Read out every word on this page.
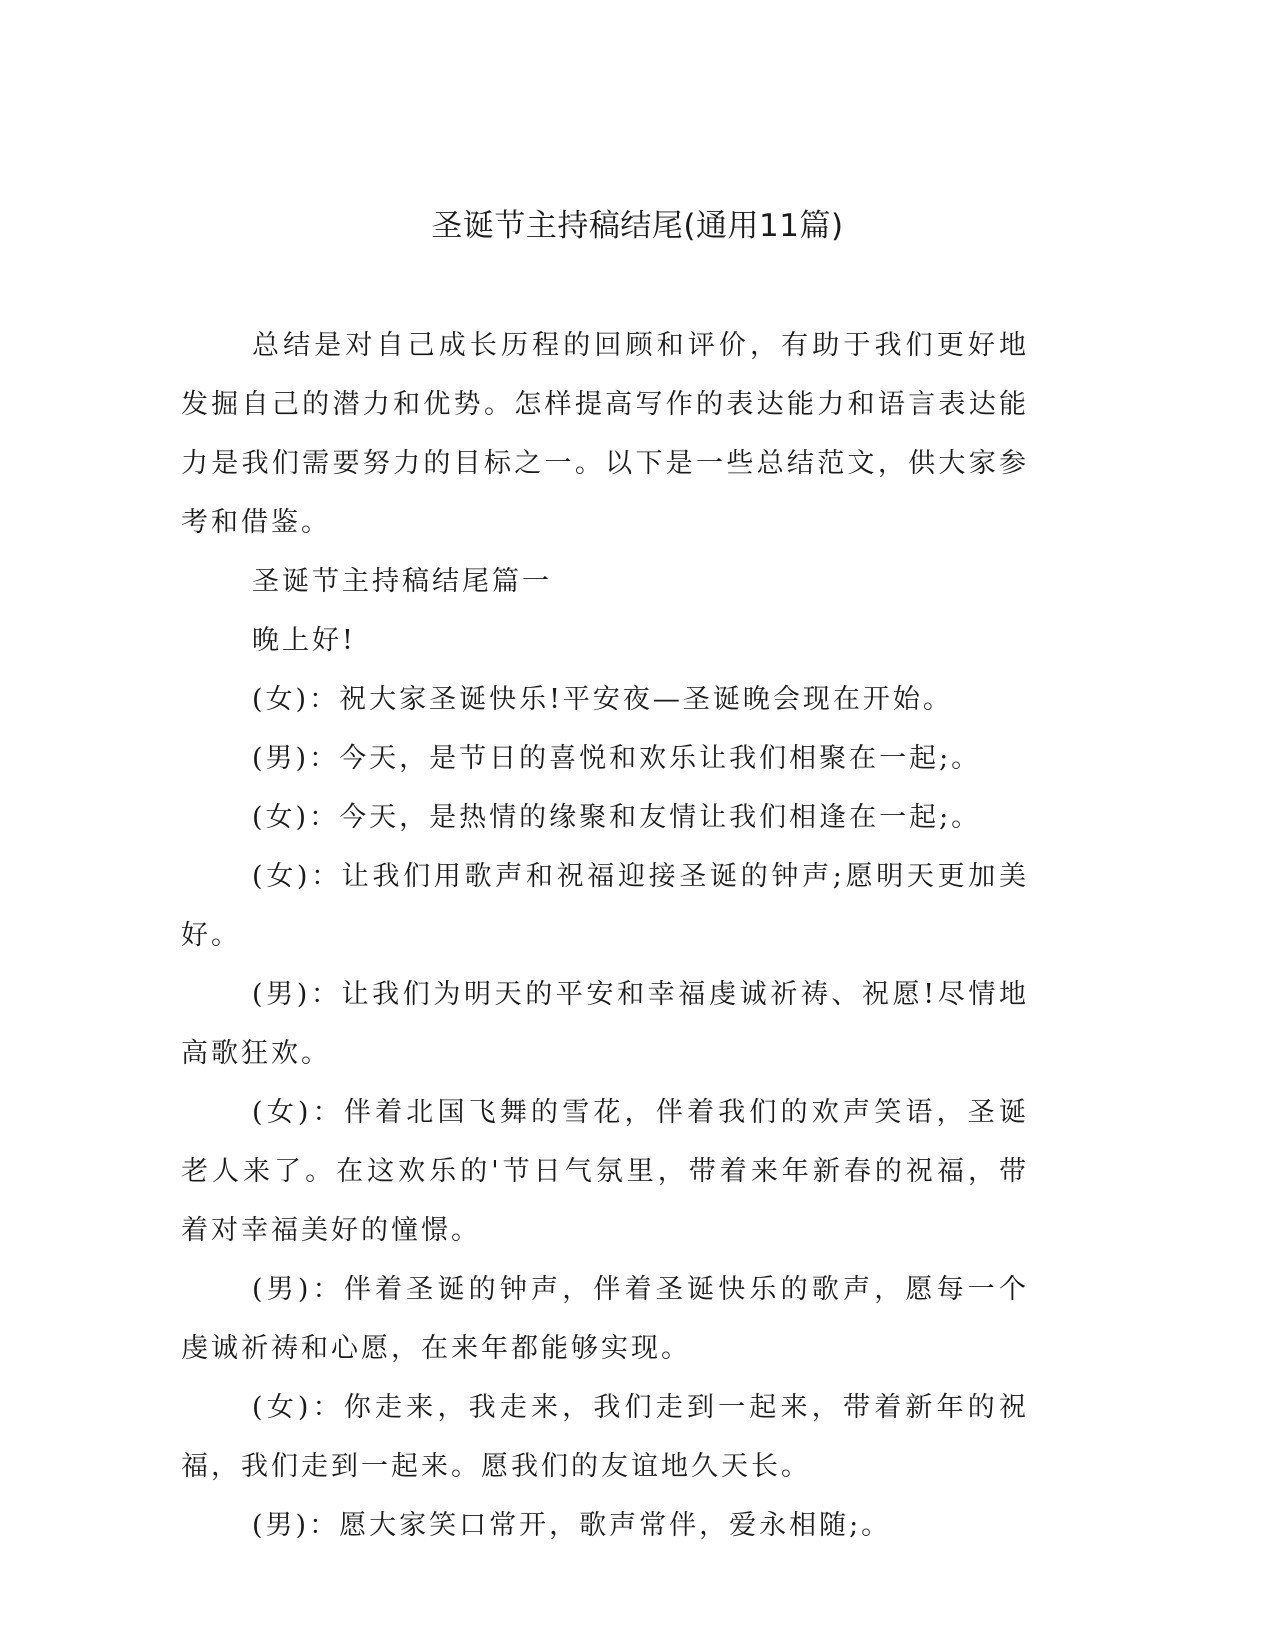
圣诞节主持稿结尾(通用11篇)

总结是对自己成长历程的回顾和评价，有助于我们更好地发掘自己的潜力和优势。怎样提高写作的表达能力和语言表达能力是我们需要努力的目标之一。以下是一些总结范文，供大家参考和借鉴。

圣诞节主持稿结尾篇一

晚上好!

(女)：祝大家圣诞快乐!平安夜—圣诞晚会现在开始。

(男)：今天，是节日的喜悦和欢乐让我们相聚在一起;。

(女)：今天，是热情的缘聚和友情让我们相逢在一起;。

(女)：让我们用歌声和祝福迎接圣诞的钟声;愿明天更加美好。

(男)：让我们为明天的平安和幸福虔诚祈祷、祝愿!尽情地高歌狂欢。

(女)：伴着北国飞舞的雪花，伴着我们的欢声笑语，圣诞老人来了。在这欢乐的'节日气氛里，带着来年新春的祝福，带着对幸福美好的憧憬。

(男)：伴着圣诞的钟声，伴着圣诞快乐的歌声，愿每一个虔诚祈祷和心愿，在来年都能够实现。

(女)：你走来，我走来，我们走到一起来，带着新年的祝福，我们走到一起来。愿我们的友谊地久天长。

(男)：愿大家笑口常开，歌声常伴，爱永相随;。
